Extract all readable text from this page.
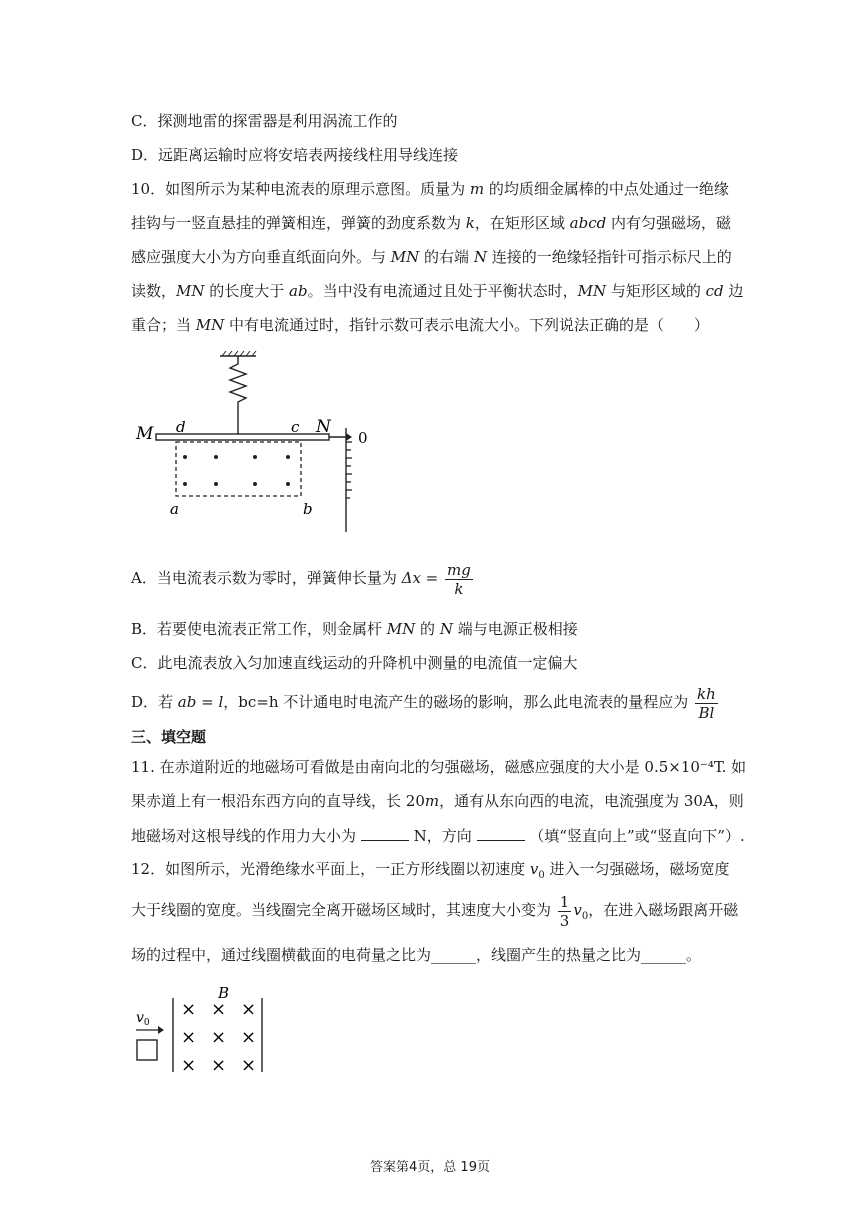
C．探测地雷的探雷器是利用涡流工作的
D．远距离运输时应将安培表两接线柱用导线连接
10．如图所示为某种电流表的原理示意图。质量为 m 的均质细金属棒的中点处通过一绝缘
挂钩与一竖直悬挂的弹簧相连，弹簧的劲度系数为 k，在矩形区域 abcd 内有匀强磁场，磁
感应强度大小为方向垂直纸面向外。与 MN 的右端 N 连接的一绝缘轻指针可指示标尺上的
读数，MN 的长度大于 ab。当中没有电流通过且处于平衡状态时，MN 与矩形区域的 cd 边
重合；当 MN 中有电流通过时，指针示数可表示电流大小。下列说法正确的是（　　）
M d	c N
0
a	b
A．当电流表示数为零时，弹簧伸长量为 $\Delta x = \frac{mg}{k}$
B．若要使电流表正常工作，则金属杆 MN 的 N 端与电源正极相接
C．此电流表放入匀加速直线运动的升降机中测量的电流值一定偏大
D．若 ab = l，bc=h 不计通电时电流产生的磁场的影响，那么此电流表的量程应为 $\frac{kh}{Bl}$
三、填空题
11. 在赤道附近的地磁场可看做是由南向北的匀强磁场，磁感应强度的大小是 0.5×10⁻⁴T. 如
果赤道上有一根沿东西方向的直导线，长 20m，通有从东向西的电流，电流强度为 30A，则
地磁场对这根导线的作用力大小为	N，方向	（填“竖直向上”或“竖直向下”）.
12．如图所示，光滑绝缘水平面上，一正方形线圈以初速度 $v_0$ 进入一匀强磁场，磁场宽度
大于线圈的宽度。当线圈完全离开磁场区域时，其速度大小变为 $\frac{1}{3} v_0$，在进入磁场跟离开磁
场的过程中，通过线圈横截面的电荷量之比为______，线圈产生的热量之比为______。
B
× × ×
× × ×
× × ×
$v_0$
答案第4页，总 19页
